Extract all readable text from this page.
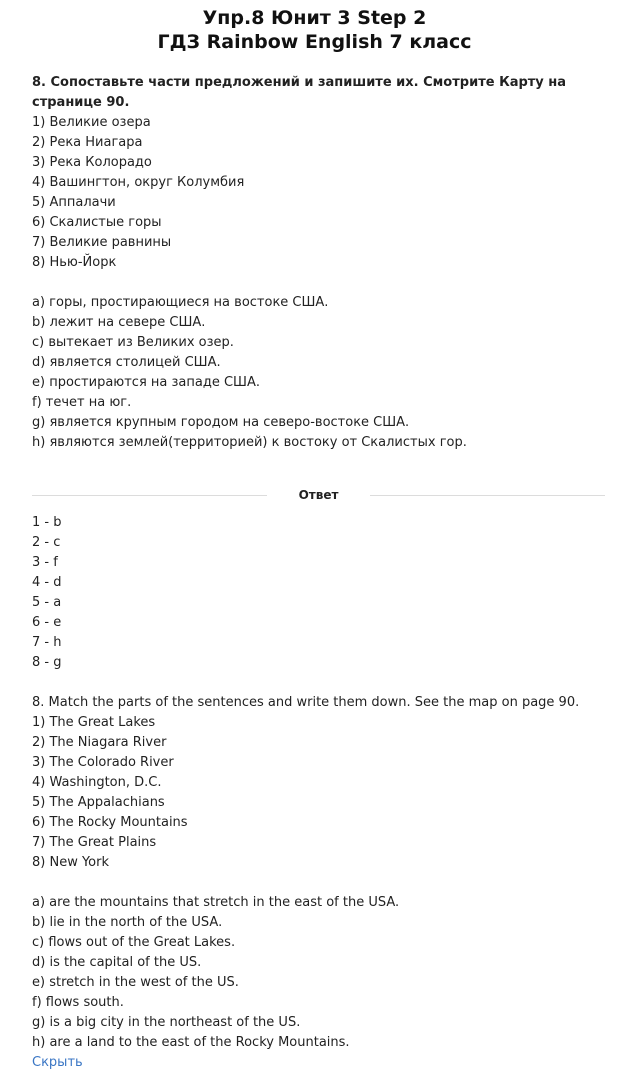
Упр.8 Юнит 3 Step 2
ГДЗ Rainbow English 7 класс

8. Сопоставьте части предложений и запишите их. Смотрите Карту на странице 90.

1) Великие озера

2) Река Ниагара

3) Река Колорадо

4) Вашингтон, округ Колумбия

5) Аппалачи

6) Скалистые горы

7) Великие равнины

8) Нью-Йорк

a) горы, простирающиеся на востоке США.

b) лежит на севере США.

c) вытекает из Великих озер.

d) является столицей США.

e) простираются на западе США.

f) течет на юг.

g) является крупным городом на северо-востоке США.

h) являются землей(территорией) к востоку от Скалистых гор.

Ответ

1 - b

2 - c

3 - f

4 - d

5 - a

6 - e

7 - h

8 - g

8. Match the parts of the sentences and write them down. See the map on page 90.

1) The Great Lakes

2) The Niagara River

3) The Colorado River

4) Washington, D.C.

5) The Appalachians

6) The Rocky Mountains

7) The Great Plains

8) New York

a) are the mountains that stretch in the east of the USA.

b) lie in the north of the USA.

c) flows out of the Great Lakes.

d) is the capital of the US.

e) stretch in the west of the US.

f) flows south.

g) is a big city in the northeast of the US.

h) are a land to the east of the Rocky Mountains.

Скрыть
